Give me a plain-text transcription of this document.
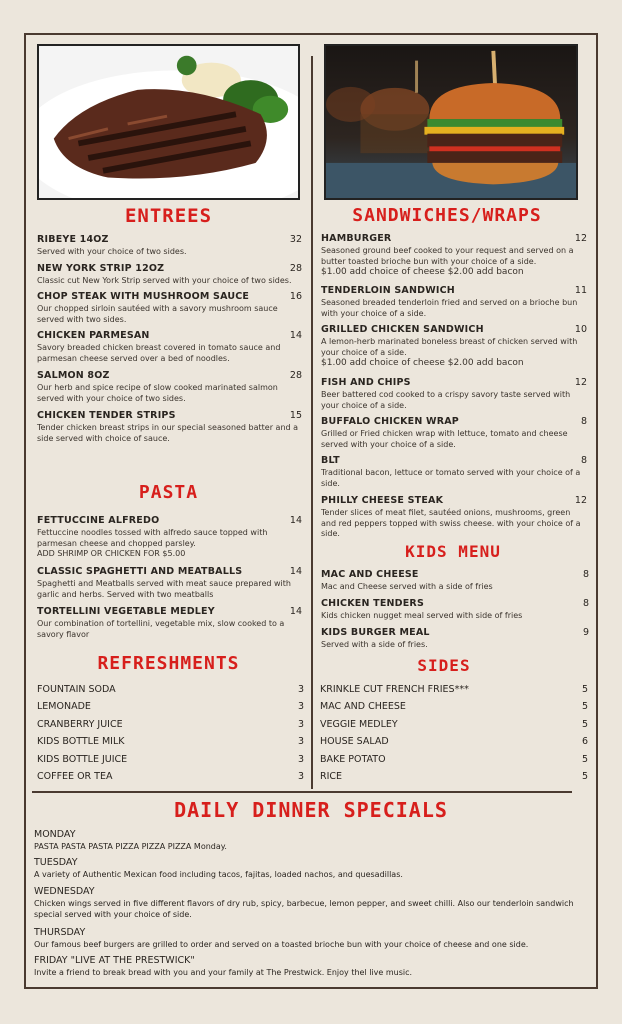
ENTREES
RIBEYE 14OZ	32
Served with your choice of two sides.
NEW YORK STRIP 12OZ	28
Classic cut New York Strip served with your choice of two sides.
CHOP STEAK WITH MUSHROOM SAUCE	16
Our chopped sirloin sautéed with a savory mushroom sauce served with two sides.
CHICKEN PARMESAN	14
Savory breaded chicken breast covered in tomato sauce and parmesan cheese served over a bed of noodles.
SALMON 8OZ	28
Our herb and spice recipe of slow cooked marinated salmon served with your choice of two sides.
CHICKEN TENDER STRIPS	15
Tender chicken breast strips in our special seasoned batter and a side served with choice of sauce.
PASTA
FETTUCCINE ALFREDO	14
Fettuccine noodles tossed with alfredo sauce topped with parmesan cheese and chopped parsley.
ADD SHRIMP OR CHICKEN FOR $5.00
CLASSIC SPAGHETTI AND MEATBALLS	14
Spaghetti and Meatballs served with meat sauce prepared with garlic and herbs. Served with two meatballs
TORTELLINI VEGETABLE MEDLEY	14
Our combination of tortellini, vegetable mix, slow cooked to a savory flavor
REFRESHMENTS
FOUNTAIN SODA	3
LEMONADE	3
CRANBERRY JUICE	3
KIDS BOTTLE MILK	3
KIDS BOTTLE JUICE	3
COFFEE OR TEA	3
SANDWICHES/WRAPS
HAMBURGER	12
Seasoned ground beef cooked to your request and served on a butter toasted brioche bun with your choice of a side.
$1.00 add choice of cheese $2.00 add bacon
TENDERLOIN SANDWICH	11
Seasoned breaded tenderloin fried and served on a brioche bun with your choice of a side.
GRILLED CHICKEN SANDWICH	10
A lemon-herb marinated boneless breast of chicken served with your choice of a side.
$1.00 add choice of cheese $2.00 add bacon
FISH AND CHIPS	12
Beer battered cod cooked to a crispy savory taste served with your choice of a side.
BUFFALO CHICKEN WRAP	8
Grilled or Fried chicken wrap with lettuce, tomato and cheese served with your choice of a side.
BLT	8
Traditional bacon, lettuce or tomato served with your choice of a side.
PHILLY CHEESE STEAK	12
Tender slices of meat filet, sautéed onions, mushrooms, green and red peppers topped with swiss cheese. with your choice of a side.
KIDS MENU
MAC AND CHEESE	8
Mac and Cheese served with a side of fries
CHICKEN TENDERS	8
Kids chicken nugget meal served with side of fries
KIDS BURGER MEAL	9
Served with a side of fries.
SIDES
KRINKLE CUT FRENCH FRIES***	5
MAC AND CHEESE	5
VEGGIE MEDLEY	5
HOUSE SALAD	6
BAKE POTATO	5
RICE	5
DAILY DINNER SPECIALS
MONDAY
PASTA PASTA PASTA PIZZA PIZZA PIZZA Monday.
TUESDAY
A variety of Authentic Mexican food including tacos, fajitas, loaded nachos, and quesadillas.
WEDNESDAY
Chicken wings served in five different flavors of dry rub, spicy, barbecue, lemon pepper, and sweet chilli. Also our tenderloin sandwich special served with your choice of side.
THURSDAY
Our famous beef burgers are grilled to order and served on a toasted brioche bun with your choice of cheese and one side.
FRIDAY "LIVE AT THE PRESTWICK"
Invite a friend to break bread with you and your family at The Prestwick. Enjoy thel live music.
